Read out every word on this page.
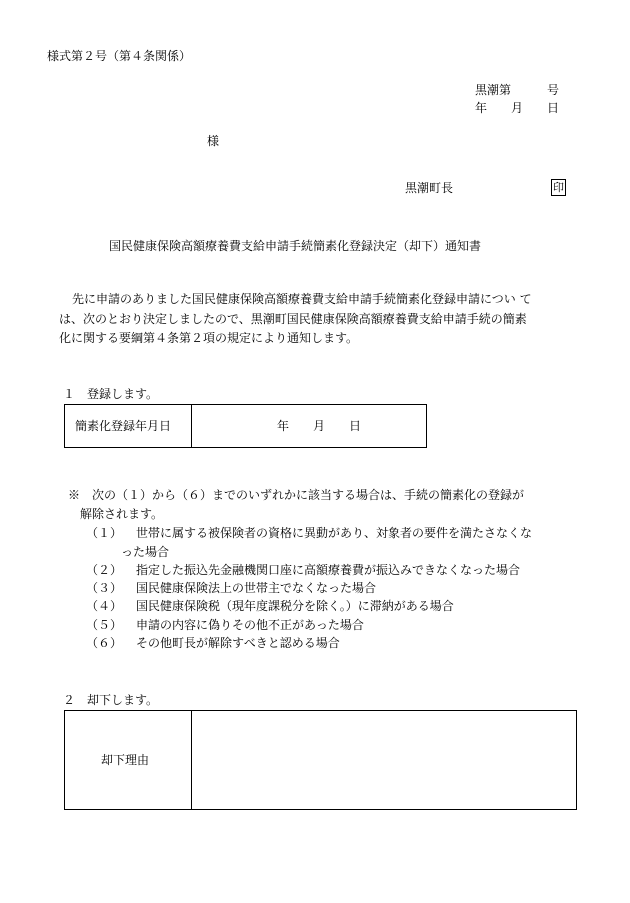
様式第２号（第４条関係）
黒潮第　　　号
年　　月　　日
様
黒潮町長	印
国民健康保険高額療養費支給申請手続簡素化登録決定（却下）通知書
先に申請のありました国民健康保険高額療養費支給申請手続簡素化登録申請につい て
は、次のとおり決定しましたので、黒潮町国民健康保険高額療養費支給申請手続の簡素
化に関する要綱第４条第２項の規定により通知します。
１　登録します。
簡素化登録年月日	年　　月　　日
※　次の（１）から（６）までのいずれかに該当する場合は、手続の簡素化の登録が
解除されます。
（１） 世帯に属する被保険者の資格に異動があり、対象者の要件を満たさなくな
った場合
（２） 指定した振込先金融機関口座に高額療養費が振込みできなくなった場合
（３） 国民健康保険法上の世帯主でなくなった場合
（４） 国民健康保険税（現年度課税分を除く。）に滞納がある場合
（５） 申請の内容に偽りその他不正があった場合
（６） その他町長が解除すべきと認める場合
２　却下します。
却下理由
